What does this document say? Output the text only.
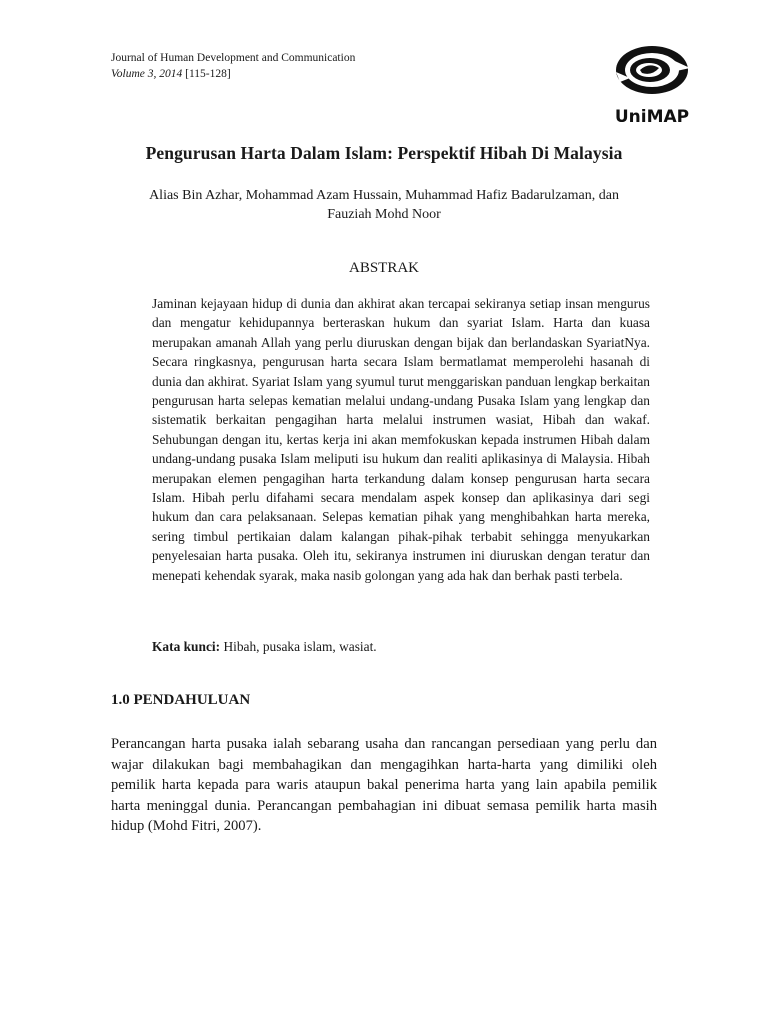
Journal of Human Development and Communication
Volume 3, 2014 [115-128]
UniMAP
Pengurusan Harta Dalam Islam: Perspektif Hibah Di Malaysia
Alias Bin Azhar, Mohammad Azam Hussain, Muhammad Hafiz Badarulzaman, dan
Fauziah Mohd Noor
ABSTRAK
Jaminan kejayaan hidup di dunia dan akhirat akan tercapai sekiranya setiap insan mengurus dan mengatur kehidupannya berteraskan hukum dan syariat Islam. Harta dan kuasa merupakan amanah Allah yang perlu diuruskan dengan bijak dan berlandaskan SyariatNya. Secara ringkasnya, pengurusan harta secara Islam bermatlamat memperolehi hasanah di dunia dan akhirat. Syariat Islam yang syumul turut menggariskan panduan lengkap berkaitan pengurusan harta selepas kematian melalui undang-undang Pusaka Islam yang lengkap dan sistematik berkaitan pengagihan harta melalui instrumen wasiat, Hibah dan wakaf. Sehubungan dengan itu, kertas kerja ini akan memfokuskan kepada instrumen Hibah dalam undang-undang pusaka Islam meliputi isu hukum dan realiti aplikasinya di Malaysia. Hibah merupakan elemen pengagihan harta terkandung dalam konsep pengurusan harta secara Islam. Hibah perlu difahami secara mendalam aspek konsep dan aplikasinya dari segi hukum dan cara pelaksanaan. Selepas kematian pihak yang menghibahkan harta mereka, sering timbul pertikaian dalam kalangan pihak-pihak terbabit sehingga menyukarkan penyelesaian harta pusaka. Oleh itu, sekiranya instrumen ini diuruskan dengan teratur dan menepati kehendak syarak, maka nasib golongan yang ada hak dan berhak pasti terbela.
Kata kunci: Hibah, pusaka islam, wasiat.
1.0 PENDAHULUAN
Perancangan harta pusaka ialah sebarang usaha dan rancangan persediaan yang perlu dan wajar dilakukan bagi membahagikan dan mengagihkan harta-harta yang dimiliki oleh pemilik harta kepada para waris ataupun bakal penerima harta yang lain apabila pemilik harta meninggal dunia. Perancangan pembahagian ini dibuat semasa pemilik harta masih hidup (Mohd Fitri, 2007).
